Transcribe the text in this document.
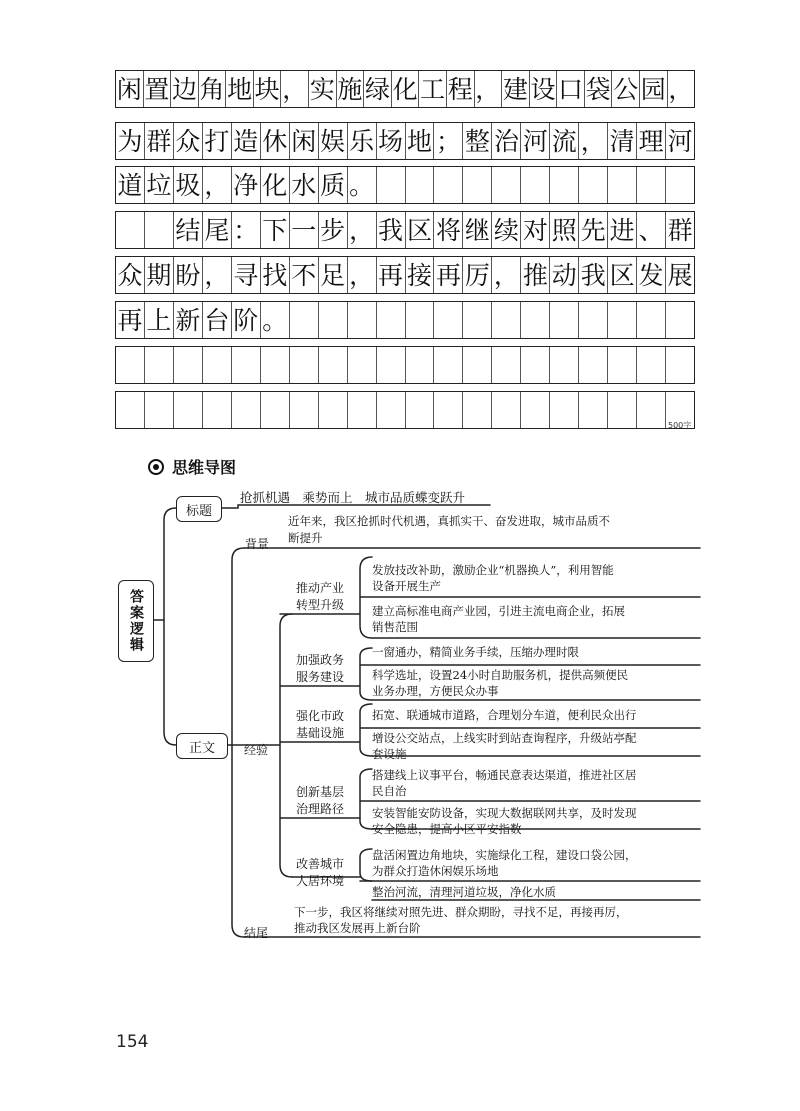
闲 置 边 角 地 块 ， 实 施 绿 化 工 程 ， 建 设 口 袋 公 园 ，
为 群 众 打 造 休 闲 娱 乐 场 地 ； 整 治 河 流 ， 清 理 河
道 垃 圾 ， 净 化 水 质 。
结 尾 ： 下 一 步 ， 我 区 将 继 续 对 照 先 进 、 群
众 期 盼 ， 寻 找 不 足 ， 再 接 再 厉 ， 推 动 我 区 发 展
再 上 新 台 阶 。
500字
思维导图
答案逻辑
标题
正文
抢抓机遇　乘势而上　城市品质蝶变跃升
背景
近年来，我区抢抓时代机遇，真抓实干、奋发进取，城市品质不
断提升
经验
结尾
下一步，我区将继续对照先进、群众期盼，寻找不足，再接再厉，
推动我区发展再上新台阶
推动产业
转型升级
发放技改补助，激励企业“机器换人”，利用智能
设备开展生产
建立高标准电商产业园，引进主流电商企业，拓展
销售范围
加强政务
服务建设
一窗通办，精简业务手续，压缩办理时限
科学选址，设置24小时自助服务机，提供高频便民
业务办理，方便民众办事
强化市政
基础设施
拓宽、联通城市道路，合理划分车道，便利民众出行
增设公交站点，上线实时到站查询程序，升级站亭配
套设施
创新基层
治理路径
搭建线上议事平台，畅通民意表达渠道，推进社区居
民自治
安装智能安防设备，实现大数据联网共享，及时发现
安全隐患，提高小区平安指数
改善城市
人居环境
盘活闲置边角地块，实施绿化工程，建设口袋公园，
为群众打造休闲娱乐场地
整治河流，清理河道垃圾，净化水质
154
